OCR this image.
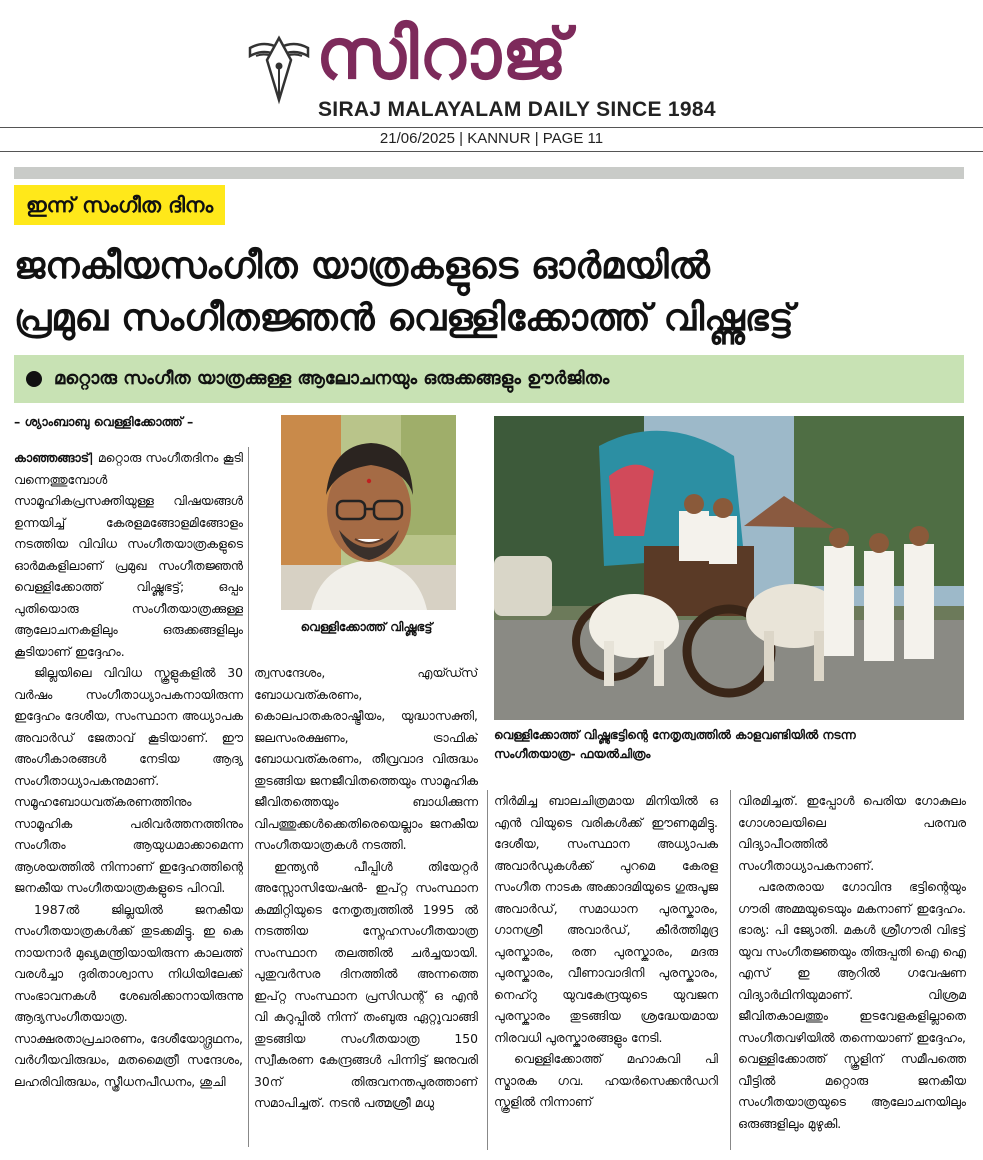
സിറാജ്
SIRAJ MALAYALAM DAILY SINCE 1984
21/06/2025 | KANNUR | PAGE 11
ഇന്ന് സംഗീത ദിനം
ജനകീയസംഗീത യാത്രകളുടെ ഓർമയിൽ
പ്രമുഖ സംഗീതജ്ഞൻ വെള്ളിക്കോത്ത് വിഷ്ണുഭട്ട്
മറ്റൊരു സംഗീത യാത്രക്കുള്ള ആലോചനയും ഒരുക്കങ്ങളും ഊർജിതം
– ശ്യാംബാബു വെള്ളിക്കോത്ത് –

കാഞ്ഞങ്ങാട്| മറ്റൊരു സംഗീതദിനം കൂടി വന്നെത്തുമ്പോൾ സാമൂഹികപ്രസക്തിയുള്ള വിഷയങ്ങൾ ഉന്നയിച്ച് കേരളമങ്ങോളമിങ്ങോളം നടത്തിയ വിവിധ സംഗീതയാത്രകളുടെ ഓർമകളിലാണ് പ്രമുഖ സംഗീതജ്ഞൻ വെള്ളിക്കോത്ത് വിഷ്ണുഭട്ട്; ഒപ്പം പുതിയൊരു സംഗീതയാത്രക്കുള്ള ആലോചനകളിലും ഒരുക്കങ്ങളിലും കൂടിയാണ് ഇദ്ദേഹം.

ജില്ലയിലെ വിവിധ സ്കൂളുകളിൽ 30 വർഷം സംഗീതാധ്യാപകനായിരുന്ന ഇദ്ദേഹം ദേശീയ, സംസ്ഥാന അധ്യാപക അവാർഡ് ജേതാവ് കൂടിയാണ്. ഈ അംഗീകാരങ്ങൾ നേടിയ ആദ്യ സംഗീതാധ്യാപകനുമാണ്. സമൂഹബോധവത്കരണത്തിനും സാമൂഹിക പരിവർത്തനത്തിനും സംഗീതം ആയുധമാക്കാമെന്ന ആശയത്തിൽ നിന്നാണ് ഇദ്ദേഹത്തിന്റെ ജനകീയ സംഗീതയാത്രകളുടെ പിറവി.

1987ൽ ജില്ലയിൽ ജനകീയ സംഗീതയാത്രകൾക്ക് തുടക്കമിട്ടു. ഇ കെ നായനാർ മുഖ്യമന്ത്രിയായിരുന്ന കാലത്ത് വരൾച്ചാ ദുരിതാശ്വാസ നിധിയിലേക്ക് സംഭാവനകൾ ശേഖരിക്കാനായിരുന്നു ആദ്യസംഗീതയാത്ര. സാക്ഷരതാപ്രചാരണം, ദേശീയോദ്ഗ്രഥനം, വർഗീയവിരുദ്ധം, മതമൈത്രീ സന്ദേശം, ലഹരിവിരുദ്ധം, സ്ത്രീധനപീഡനം, ശുചി

വെള്ളിക്കോത്ത് വിഷ്ണുഭട്ട്

ത്വസന്ദേശം, എയ്ഡ്സ് ബോധവത്കരണം, കൊലപാതകരാഷ്ട്രീയം, യുദ്ധാസക്തി, ജലസംരക്ഷണം, ട്രാഫിക് ബോധവത്കരണം, തീവ്രവാദ വിരുദ്ധം തുടങ്ങിയ ജനജീവിതത്തെയും സാമൂഹിക ജീവിതത്തെയും ബാധിക്കുന്ന വിപത്തുക്കൾക്കെതിരെയെല്ലാം ജനകീയ സംഗീതയാത്രകൾ നടത്തി.

ഇന്ത്യൻ പീപ്പിൾ തിയേറ്റർ അസ്സോസിയേഷൻ- ഇപ്റ്റ സംസ്ഥാന കമ്മിറ്റിയുടെ നേതൃത്വത്തിൽ 1995 ൽ നടത്തിയ സ്നേഹസംഗീതയാത്ര സംസ്ഥാന തലത്തിൽ ചർച്ചയായി. പുതുവർസര ദിനത്തിൽ അന്നത്തെ ഇപ്റ്റ സംസ്ഥാന പ്രസിഡന്റ് ഒ എൻ വി കുറുപ്പിൽ നിന്ന് തംബുരു ഏറ്റുവാങ്ങി തുടങ്ങിയ സംഗീതയാത്ര 150 സ്വീകരണ കേന്ദ്രങ്ങൾ പിന്നിട്ട് ജനുവരി 30ന് തിരുവനന്തപുരത്താണ് സമാപിച്ചത്. നടൻ പത്മശ്രീ മധു

വെള്ളിക്കോത്ത് വിഷ്ണുഭട്ടിന്റെ നേതൃത്വത്തിൽ കാളവണ്ടിയിൽ നടന്ന
സംഗീതയാത്ര- ഫയൽചിത്രം

നിർമിച്ച ബാലചിത്രമായ മിനിയിൽ ഒ എൻ വിയുടെ വരികൾക്ക് ഈണമുമിട്ടു. ദേശീയ, സംസ്ഥാന അധ്യാപക അവാർഡുകൾക്ക് പുറമെ കേരള സംഗീത നാടക അക്കാദമിയുടെ ഗുരുപൂജ അവാർഡ്, സമാധാന പുരസ്കാരം, ഗാനശ്രീ അവാർഡ്, കീർത്തിമുദ്ര പുരസ്കാരം, രത്ന പുരസ്കാരം, മദരു പുരസ്കാരം, വീണാവാദിനി പുരസ്കാരം, നെഹ്റു യുവകേന്ദ്രയുടെ യുവജന പുരസ്കാരം തുടങ്ങിയ ശ്രദ്ധേയമായ നിരവധി പുരസ്കാരങ്ങളും നേടി.

വെള്ളിക്കോത്ത് മഹാകവി പി സ്മാരക ഗവ. ഹയർസെക്കൻഡറി സ്കൂളിൽ നിന്നാണ്

വിരമിച്ചത്. ഇപ്പോൾ പെരിയ ഗോകുലം ഗോശാലയിലെ പരമ്പര വിദ്യാപീഠത്തിൽ സംഗീതാധ്യാപകനാണ്.

പരേതരായ ഗോവിന്ദ ഭട്ടിന്റെയും ഗൗരി അമ്മയുടെയും മകനാണ് ഇദ്ദേഹം. ഭാര്യ: പി ജ്യോതി. മകൾ ശ്രീഗൗരി വിഭട്ട് യുവ സംഗീതജ്ഞയും തിരുപ്പതി ഐ ഐ എസ് ഇ ആറിൽ ഗവേഷണ വിദ്യാർഥിനിയുമാണ്. വിശ്രമ ജീവിതകാലത്തും ഇടവേളകളില്ലാതെ സംഗീതവഴിയിൽ തന്നെയാണ് ഇദ്ദേഹം, വെള്ളിക്കോത്ത് സ്കൂളിന് സമീപത്തെ വീട്ടിൽ മറ്റൊരു ജനകീയ സംഗീതയാത്രയുടെ ആലോചനയിലും ഒരുങ്ങളിലും മുഴുകി.
